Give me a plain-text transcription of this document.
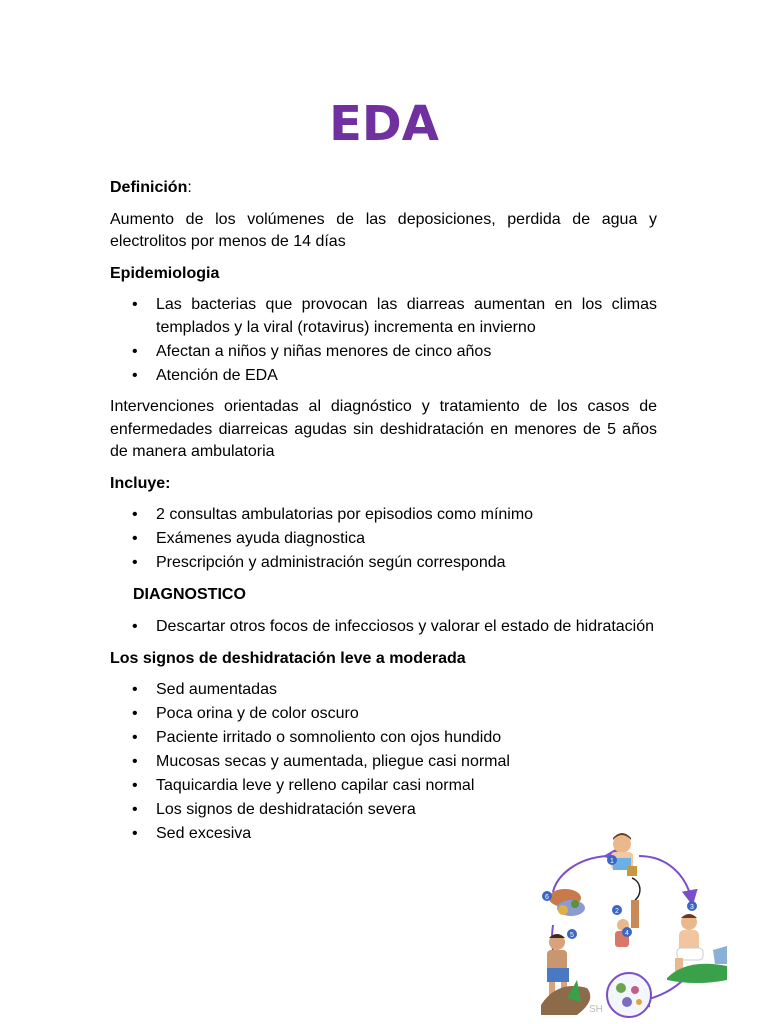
EDA

Definición:

Aumento de los volúmenes de las deposiciones, perdida de agua y electrolitos por menos de 14 días

Epidemiologia

• Las bacterias que provocan las diarreas aumentan en los climas templados y la viral (rotavirus) incrementa en invierno
• Afectan a niños y niñas menores de cinco años
• Atención de EDA

Intervenciones orientadas al diagnóstico y tratamiento de los casos de enfermedades diarreicas agudas sin deshidratación en menores de 5 años de manera ambulatoria

Incluye:

• 2 consultas ambulatorias por episodios como mínimo
• Exámenes ayuda diagnostica
• Prescripción y administración según corresponda

DIAGNOSTICO

• Descartar otros focos de infecciosos y valorar el estado de hidratación

Los signos de deshidratación leve a moderada

• Sed aumentadas
• Poca orina y de color oscuro
• Paciente irritado o somnoliento con ojos hundido
• Mucosas secas y aumentada, pliegue casi normal
• Taquicardia leve y relleno capilar casi normal
• Los signos de deshidratación severa
• Sed excesiva
1
2
3
4
5
6
SH
